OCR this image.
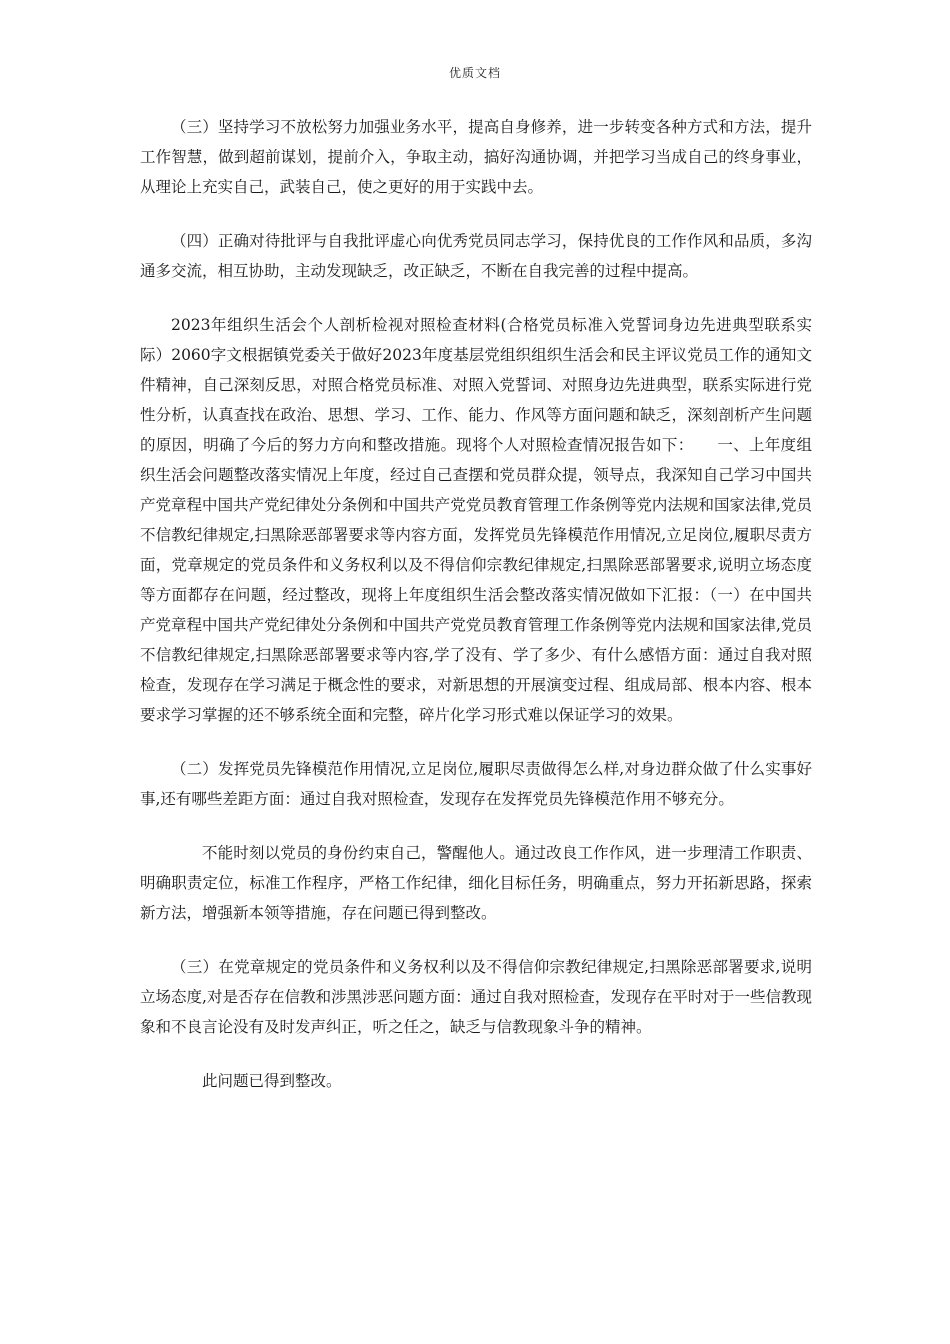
优质文档

（三）坚持学习不放松努力加强业务水平，提高自身修养，进一步转变各种方式和方法，提升工作智慧，做到超前谋划，提前介入，争取主动，搞好沟通协调，并把学习当成自己的终身事业，从理论上充实自己，武装自己，使之更好的用于实践中去。

（四）正确对待批评与自我批评虚心向优秀党员同志学习，保持优良的工作作风和品质，多沟通多交流，相互协助，主动发现缺乏，改正缺乏，不断在自我完善的过程中提高。

2023年组织生活会个人剖析检视对照检查材料(合格党员标准入党誓词身边先进典型联系实际）2060字文根据镇党委关于做好2023年度基层党组织组织生活会和民主评议党员工作的通知文件精神，自己深刻反思，对照合格党员标准、对照入党誓词、对照身边先进典型，联系实际进行党性分析，认真查找在政治、思想、学习、工作、能力、作风等方面问题和缺乏，深刻剖析产生问题的原因，明确了今后的努力方向和整改措施。现将个人对照检查情况报告如下：　　一、上年度组织生活会问题整改落实情况上年度，经过自己查摆和党员群众提，领导点，我深知自己学习中国共产党章程中国共产党纪律处分条例和中国共产党党员教育管理工作条例等党内法规和国家法律,党员不信教纪律规定,扫黑除恶部署要求等内容方面，发挥党员先锋模范作用情况,立足岗位,履职尽责方面，党章规定的党员条件和义务权利以及不得信仰宗教纪律规定,扫黑除恶部署要求,说明立场态度等方面都存在问题，经过整改，现将上年度组织生活会整改落实情况做如下汇报：（一）在中国共产党章程中国共产党纪律处分条例和中国共产党党员教育管理工作条例等党内法规和国家法律,党员不信教纪律规定,扫黑除恶部署要求等内容,学了没有、学了多少、有什么感悟方面：通过自我对照检查，发现存在学习满足于概念性的要求，对新思想的开展演变过程、组成局部、根本内容、根本要求学习掌握的还不够系统全面和完整，碎片化学习形式难以保证学习的效果。

（二）发挥党员先锋模范作用情况,立足岗位,履职尽责做得怎么样,对身边群众做了什么实事好事,还有哪些差距方面：通过自我对照检查，发现存在发挥党员先锋模范作用不够充分。

不能时刻以党员的身份约束自己，警醒他人。通过改良工作作风，进一步理清工作职责、明确职责定位，标准工作程序，严格工作纪律，细化目标任务，明确重点，努力开拓新思路，探索新方法，增强新本领等措施，存在问题已得到整改。

（三）在党章规定的党员条件和义务权利以及不得信仰宗教纪律规定,扫黑除恶部署要求,说明立场态度,对是否存在信教和涉黑涉恶问题方面：通过自我对照检查，发现存在平时对于一些信教现象和不良言论没有及时发声纠正，听之任之，缺乏与信教现象斗争的精神。

此问题已得到整改。
